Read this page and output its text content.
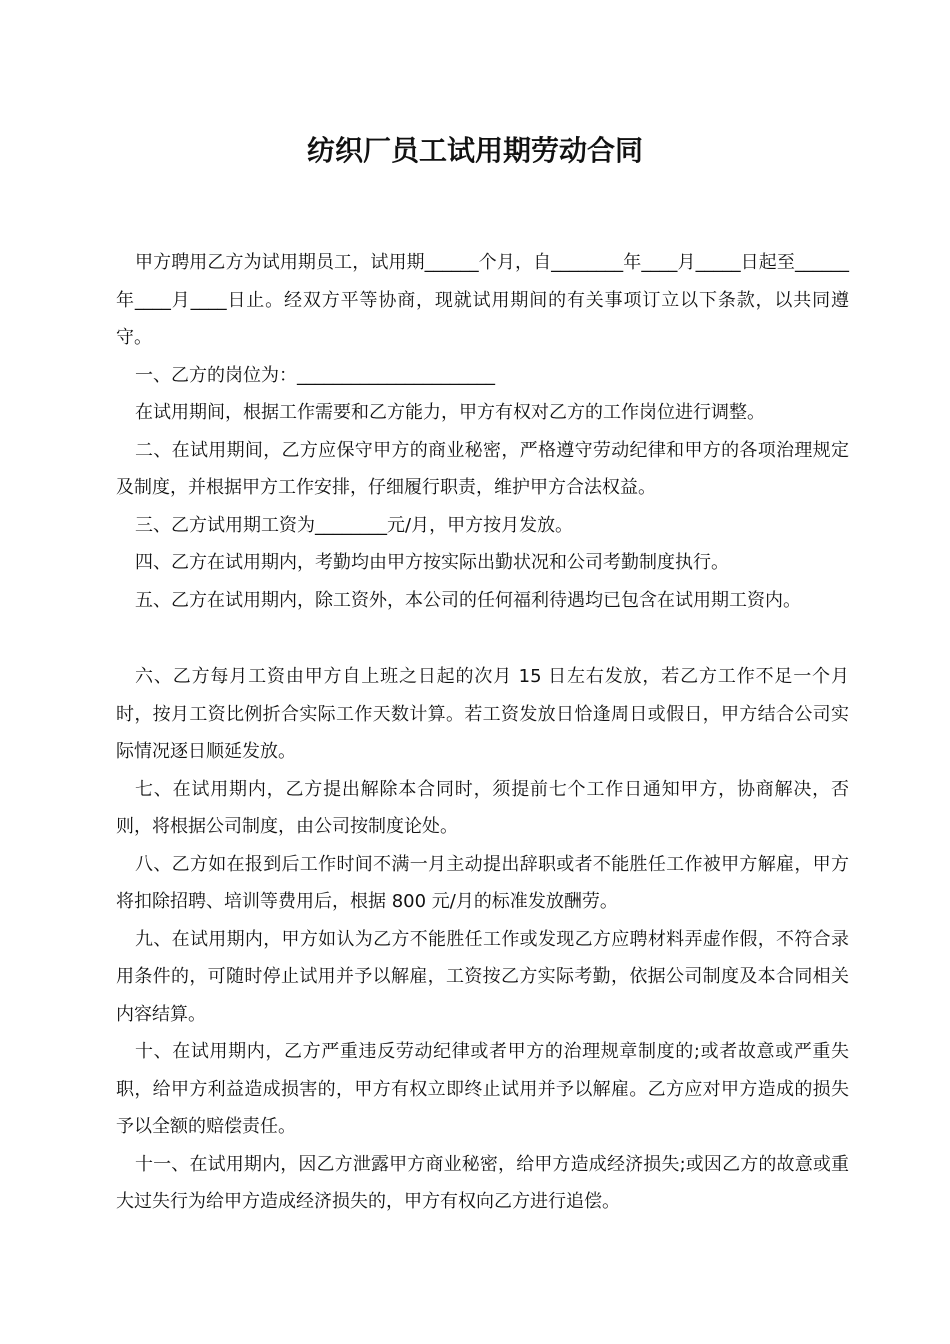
纺织厂员工试用期劳动合同

甲方聘用乙方为试用期员工，试用期______个月，自________年____月_____日起至______年____月____日止。经双方平等协商，现就试用期间的有关事项订立以下条款，以共同遵守。

一、乙方的岗位为：______________________

在试用期间，根据工作需要和乙方能力，甲方有权对乙方的工作岗位进行调整。

二、在试用期间，乙方应保守甲方的商业秘密，严格遵守劳动纪律和甲方的各项治理规定及制度，并根据甲方工作安排，仔细履行职责，维护甲方合法权益。

三、乙方试用期工资为________元/月，甲方按月发放。

四、乙方在试用期内，考勤均由甲方按实际出勤状况和公司考勤制度执行。

五、乙方在试用期内，除工资外，本公司的任何福利待遇均已包含在试用期工资内。

六、乙方每月工资由甲方自上班之日起的次月 15 日左右发放，若乙方工作不足一个月时，按月工资比例折合实际工作天数计算。若工资发放日恰逢周日或假日，甲方结合公司实际情况逐日顺延发放。

七、在试用期内，乙方提出解除本合同时，须提前七个工作日通知甲方，协商解决，否则，将根据公司制度，由公司按制度论处。

八、乙方如在报到后工作时间不满一月主动提出辞职或者不能胜任工作被甲方解雇，甲方将扣除招聘、培训等费用后，根据 800 元/月的标准发放酬劳。

九、在试用期内，甲方如认为乙方不能胜任工作或发现乙方应聘材料弄虚作假，不符合录用条件的，可随时停止试用并予以解雇，工资按乙方实际考勤，依据公司制度及本合同相关内容结算。

十、在试用期内，乙方严重违反劳动纪律或者甲方的治理规章制度的;或者故意或严重失职，给甲方利益造成损害的，甲方有权立即终止试用并予以解雇。乙方应对甲方造成的损失予以全额的赔偿责任。

十一、在试用期内，因乙方泄露甲方商业秘密，给甲方造成经济损失;或因乙方的故意或重大过失行为给甲方造成经济损失的，甲方有权向乙方进行追偿。
